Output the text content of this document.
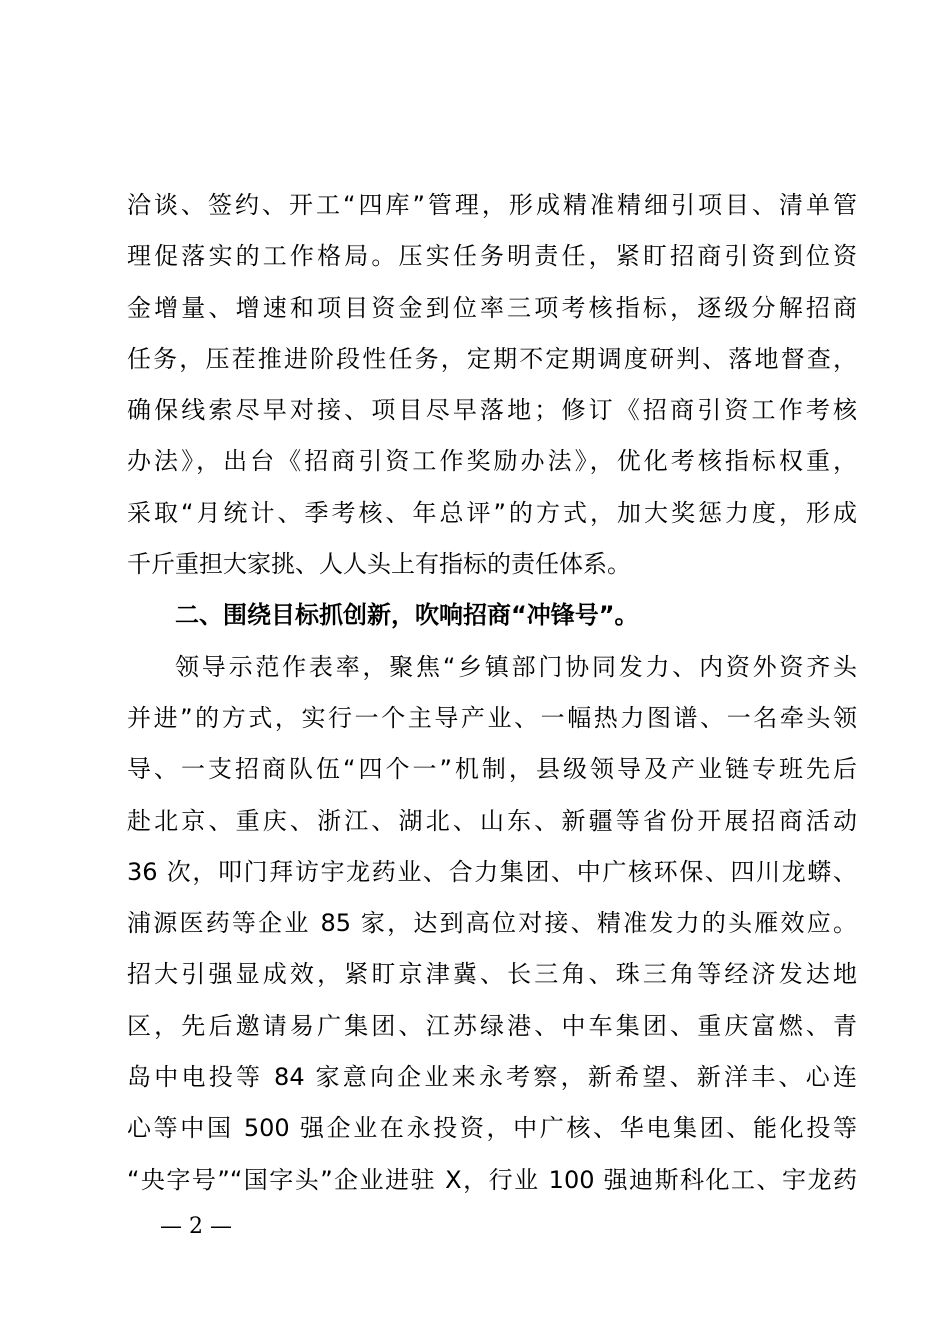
洽谈、签约、开工“四库”管理，形成精准精细引项目、清单管
理促落实的工作格局。压实任务明责任，紧盯招商引资到位资
金增量、增速和项目资金到位率三项考核指标，逐级分解招商
任务，压茬推进阶段性任务，定期不定期调度研判、落地督查，
确保线索尽早对接、项目尽早落地；修订《招商引资工作考核
办法》，出台《招商引资工作奖励办法》，优化考核指标权重，
采取“月统计、季考核、年总评”的方式，加大奖惩力度，形成
千斤重担大家挑、人人头上有指标的责任体系。
二、围绕目标抓创新，吹响招商“冲锋号”。
领导示范作表率，聚焦“乡镇部门协同发力、内资外资齐头
并进”的方式，实行一个主导产业、一幅热力图谱、一名牵头领
导、一支招商队伍“四个一”机制，县级领导及产业链专班先后
赴北京、重庆、浙江、湖北、山东、新疆等省份开展招商活动
36 次，叩门拜访宇龙药业、合力集团、中广核环保、四川龙蟒、
浦源医药等企业 85 家，达到高位对接、精准发力的头雁效应。
招大引强显成效，紧盯京津冀、长三角、珠三角等经济发达地
区，先后邀请易广集团、江苏绿港、中车集团、重庆富燃、青
岛中电投等 84 家意向企业来永考察，新希望、新洋丰、心连
心等中国 500 强企业在永投资，中广核、华电集团、能化投等
“央字号”“国字头”企业进驻 X，行业 100 强迪斯科化工、宇龙药
— 2 —
